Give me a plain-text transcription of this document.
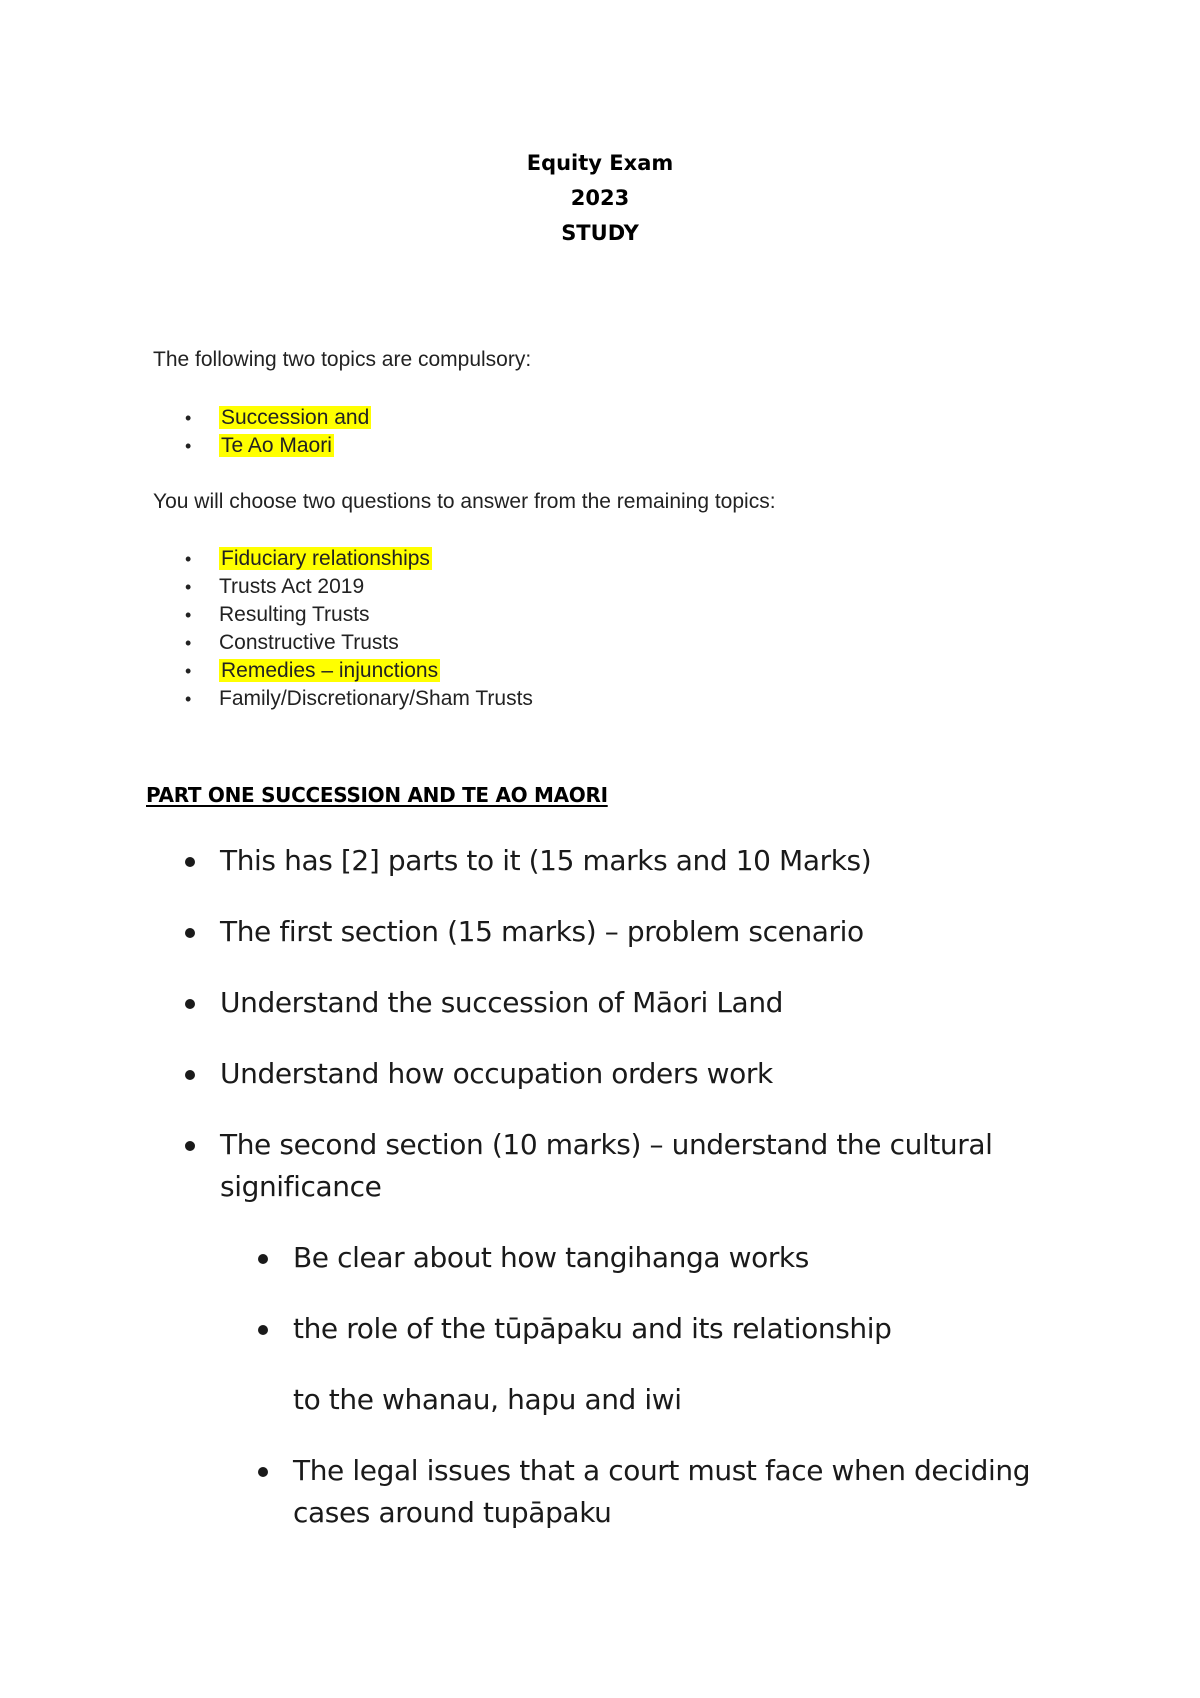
Equity Exam
2023
STUDY
The following two topics are compulsory:
•	Succession and
•	Te Ao Maori
You will choose two questions to answer from the remaining topics:
•	Fiduciary relationships
•	Trusts Act 2019
•	Resulting Trusts
•	Constructive Trusts
•	Remedies – injunctions
•	Family/Discretionary/Sham Trusts
PART ONE SUCCESSION AND TE AO MAORI
This has [2] parts to it (15 marks and 10 Marks)
The first section (15 marks) – problem scenario
Understand the succession of Māori Land
Understand how occupation orders work
The second section (10 marks) – understand the cultural significance
Be clear about how tangihanga works
the role of the tūpāpaku and its relationship
to the whanau, hapu and iwi
The legal issues that a court must face when deciding cases around tupāpaku
